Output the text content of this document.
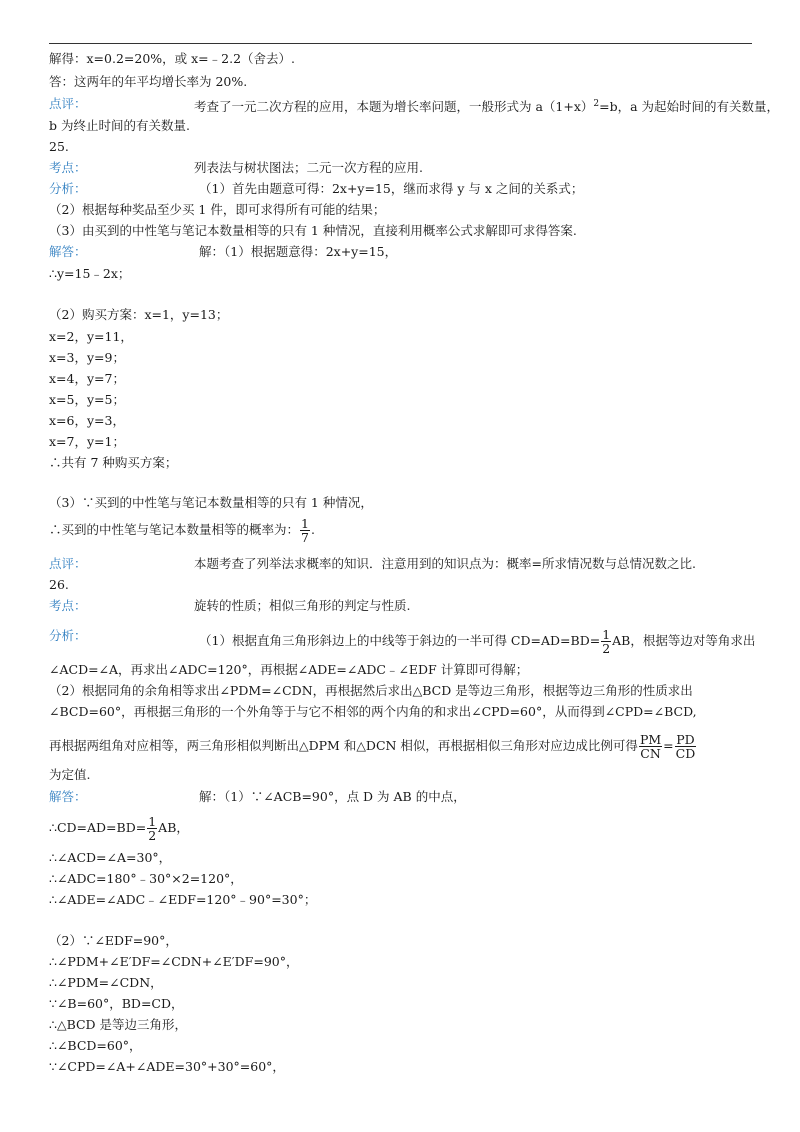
解得：x=0.2=20%，或 x=﹣2.2（舍去）.
答：这两年的年平均增长率为 20%.
点评：	考查了一元二次方程的应用，本题为增长率问题，一般形式为 $a(1+x)^2=b$，a 为起始时间的有关数量，
b 为终止时间的有关数量.
25.
考点：	列表法与树状图法；二元一次方程的应用.
分析：	（1）首先由题意可得：2x+y=15，继而求得 y 与 x 之间的关系式；
（2）根据每种奖品至少买 1 件，即可求得所有可能的结果；
（3）由买到的中性笔与笔记本数量相等的只有 1 种情况，直接利用概率公式求解即可求得答案.
解答：	解：（1）根据题意得：2x+y=15，
∴y=15﹣2x；
（2）购买方案：x=1，y=13；
x=2，y=11，
x=3，y=9；
x=4，y=7；
x=5，y=5；
x=6，y=3，
x=7，y=1；
∴共有 7 种购买方案；
（3）∵买到的中性笔与笔记本数量相等的只有 1 种情况，
∴买到的中性笔与笔记本数量相等的概率为： $\frac{1}{7}$ .
点评：	本题考查了列举法求概率的知识．注意用到的知识点为：概率=所求情况数与总情况数之比.
26.
考点：	旋转的性质；相似三角形的判定与性质.
分析：	（1）根据直角三角形斜边上的中线等于斜边的一半可得 $CD=AD=BD= \frac{1}{2}$ AB，根据等边对等角求出
∠ACD=∠A，再求出∠ADC=120°，再根据∠ADE=∠ADC﹣∠EDF 计算即可得解；
（2）根据同角的余角相等求出∠PDM=∠CDN，再根据然后求出△BCD 是等边三角形，根据等边三角形的性质求出
∠BCD=60°，再根据三角形的一个外角等于与它不相邻的两个内角的和求出∠CPD=60°，从而得到∠CPD=∠BCD,
再根据两组角对应相等，两三角形相似判断出△DPM 和△DCN 相似，再根据相似三角形对应边成比例可得 $\frac{PM}{CN} = \frac{PD}{CD}$
为定值.
解答：	解：（1）∵∠ACB=90°，点 D 为 AB 的中点，
∴CD=AD=BD= $\frac{1}{2}$ AB，
∴∠ACD=∠A=30°，
∴∠ADC=180°﹣30°×2=120°，
∴∠ADE=∠ADC﹣∠EDF=120°﹣90°=30°；
（2）∵∠EDF=90°，
∴∠PDM+∠E′DF=∠CDN+∠E′DF=90°，
∴∠PDM=∠CDN，
∵∠B=60°，BD=CD，
∴△BCD 是等边三角形，
∴∠BCD=60°，
∵∠CPD=∠A+∠ADE=30°+30°=60°，
